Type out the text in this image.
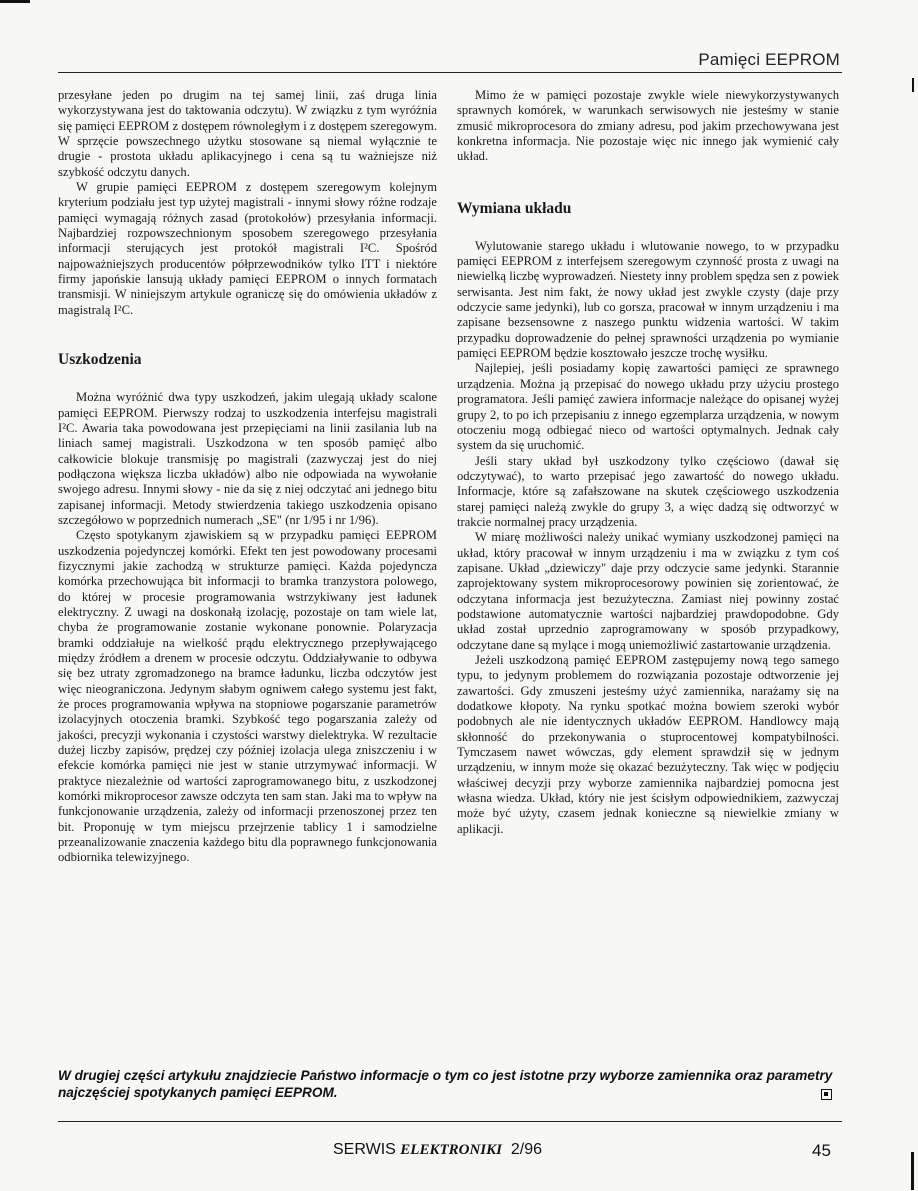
Pamięci EEPROM

przesyłane jeden po drugim na tej samej linii, zaś druga linia wykorzystywana jest do taktowania odczytu). W związku z tym wyróżnia się pamięci EEPROM z dostępem równoległym i z dostępem szeregowym. W sprzęcie powszechnego użytku stosowane są niemal wyłącznie te drugie - prostota układu aplikacyjnego i cena są tu ważniejsze niż szybkość odczytu danych.

W grupie pamięci EEPROM z dostępem szeregowym kolejnym kryterium podziału jest typ użytej magistrali - innymi słowy różne rodzaje pamięci wymagają różnych zasad (protokołów) przesyłania informacji. Najbardziej rozpowszechnionym sposobem szeregowego przesyłania informacji sterujących jest protokół magistrali I²C. Spośród najpoważniejszych producentów półprzewodników tylko ITT i niektóre firmy japońskie lansują układy pamięci EEPROM o innych formatach transmisji. W niniejszym artykule ograniczę się do omówienia układów z magistralą I²C.

Uszkodzenia

Można wyróżnić dwa typy uszkodzeń, jakim ulegają układy scalone pamięci EEPROM. Pierwszy rodzaj to uszkodzenia interfejsu magistrali I²C. Awaria taka powodowana jest przepięciami na linii zasilania lub na liniach samej magistrali. Uszkodzona w ten sposób pamięć albo całkowicie blokuje transmisję po magistrali (zazwyczaj jest do niej podłączona większa liczba układów) albo nie odpowiada na wywołanie swojego adresu. Innymi słowy - nie da się z niej odczytać ani jednego bitu zapisanej informacji. Metody stwierdzenia takiego uszkodzenia opisano szczegółowo w poprzednich numerach „SE" (nr 1/95 i nr 1/96).

Często spotykanym zjawiskiem są w przypadku pamięci EEPROM uszkodzenia pojedynczej komórki. Efekt ten jest powodowany procesami fizycznymi jakie zachodzą w strukturze pamięci. Każda pojedyncza komórka przechowująca bit informacji to bramka tranzystora polowego, do której w procesie programowania wstrzykiwany jest ładunek elektryczny. Z uwagi na doskonałą izolację, pozostaje on tam wiele lat, chyba że programowanie zostanie wykonane ponownie. Polaryzacja bramki oddziałuje na wielkość prądu elektrycznego przepływającego między źródłem a drenem w procesie odczytu. Oddziaływanie to odbywa się bez utraty zgromadzonego na bramce ładunku, liczba odczytów jest więc nieograniczona. Jedynym słabym ogniwem całego systemu jest fakt, że proces programowania wpływa na stopniowe pogarszanie parametrów izolacyjnych otoczenia bramki. Szybkość tego pogarszania zależy od jakości, precyzji wykonania i czystości warstwy dielektryka. W rezultacie dużej liczby zapisów, prędzej czy później izolacja ulega zniszczeniu i w efekcie komórka pamięci nie jest w stanie utrzymywać informacji. W praktyce niezależnie od wartości zaprogramowanego bitu, z uszkodzonej komórki mikroprocesor zawsze odczyta ten sam stan. Jaki ma to wpływ na funkcjonowanie urządzenia, zależy od informacji przenoszonej przez ten bit. Proponuję w tym miejscu przejrzenie tablicy 1 i samodzielne przeanalizowanie znaczenia każdego bitu dla poprawnego funkcjonowania odbiornika telewizyjnego.

Mimo że w pamięci pozostaje zwykle wiele niewykorzystywanych sprawnych komórek, w warunkach serwisowych nie jesteśmy w stanie zmusić mikroprocesora do zmiany adresu, pod jakim przechowywana jest konkretna informacja. Nie pozostaje więc nic innego jak wymienić cały układ.

Wymiana układu

Wylutowanie starego układu i wlutowanie nowego, to w przypadku pamięci EEPROM z interfejsem szeregowym czynność prosta z uwagi na niewielką liczbę wyprowadzeń. Niestety inny problem spędza sen z powiek serwisanta. Jest nim fakt, że nowy układ jest zwykle czysty (daje przy odczycie same jedynki), lub co gorsza, pracował w innym urządzeniu i ma zapisane bezsensowne z naszego punktu widzenia wartości. W takim przypadku doprowadzenie do pełnej sprawności urządzenia po wymianie pamięci EEPROM będzie kosztowało jeszcze trochę wysiłku.

Najlepiej, jeśli posiadamy kopię zawartości pamięci ze sprawnego urządzenia. Można ją przepisać do nowego układu przy użyciu prostego programatora. Jeśli pamięć zawiera informacje należące do opisanej wyżej grupy 2, to po ich przepisaniu z innego egzemplarza urządzenia, w nowym otoczeniu mogą odbiegać nieco od wartości optymalnych. Jednak cały system da się uruchomić.

Jeśli stary układ był uszkodzony tylko częściowo (dawał się odczytywać), to warto przepisać jego zawartość do nowego układu. Informacje, które są zafałszowane na skutek częściowego uszkodzenia starej pamięci należą zwykle do grupy 3, a więc dadzą się odtworzyć w trakcie normalnej pracy urządzenia.

W miarę możliwości należy unikać wymiany uszkodzonej pamięci na układ, który pracował w innym urządzeniu i ma w związku z tym coś zapisane. Układ „dziewiczy" daje przy odczycie same jedynki. Starannie zaprojektowany system mikroprocesorowy powinien się zorientować, że odczytana informacja jest bezużyteczna. Zamiast niej powinny zostać podstawione automatycznie wartości najbardziej prawdopodobne. Gdy układ został uprzednio zaprogramowany w sposób przypadkowy, odczytane dane są mylące i mogą uniemożliwić zastartowanie urządzenia.

Jeżeli uszkodzoną pamięć EEPROM zastępujemy nową tego samego typu, to jedynym problemem do rozwiązania pozostaje odtworzenie jej zawartości. Gdy zmuszeni jesteśmy użyć zamiennika, narażamy się na dodatkowe kłopoty. Na rynku spotkać można bowiem szeroki wybór podobnych ale nie identycznych układów EEPROM. Handlowcy mają skłonność do przekonywania o stuprocentowej kompatybilności. Tymczasem nawet wówczas, gdy element sprawdził się w jednym urządzeniu, w innym może się okazać bezużyteczny. Tak więc w podjęciu właściwej decyzji przy wyborze zamiennika najbardziej pomocna jest własna wiedza. Układ, który nie jest ścisłym odpowiednikiem, zazwyczaj może być użyty, czasem jednak konieczne są niewielkie zmiany w aplikacji.

W drugiej części artykułu znajdziecie Państwo informacje o tym co jest istotne przy wyborze zamiennika oraz parametry najczęściej spotykanych pamięci EEPROM.
SERWIS ELEKTRONIKI 2/96	45
